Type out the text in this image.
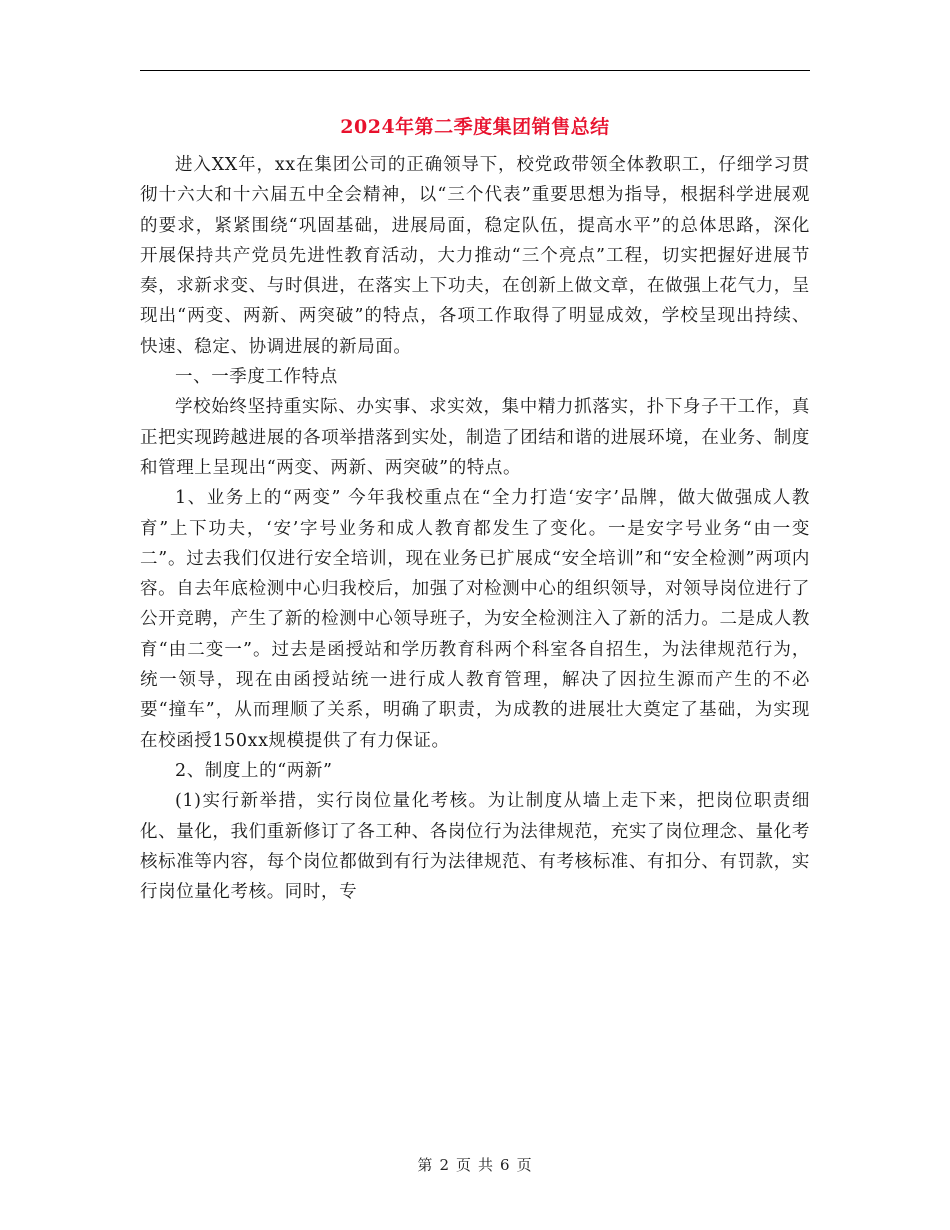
2024年第二季度集团销售总结

进入XX年，xx在集团公司的正确领导下，校党政带领全体教职工，仔细学习贯彻十六大和十六届五中全会精神，以“三个代表”重要思想为指导，根据科学进展观的要求，紧紧围绕“巩固基础，进展局面，稳定队伍，提高水平”的总体思路，深化开展保持共产党员先进性教育活动，大力推动“三个亮点”工程，切实把握好进展节奏，求新求变、与时俱进，在落实上下功夫，在创新上做文章，在做强上花气力，呈现出“两变、两新、两突破”的特点，各项工作取得了明显成效，学校呈现出持续、快速、稳定、协调进展的新局面。

一、一季度工作特点

学校始终坚持重实际、办实事、求实效，集中精力抓落实，扑下身子干工作，真正把实现跨越进展的各项举措落到实处，制造了团结和谐的进展环境，在业务、制度和管理上呈现出“两变、两新、两突破”的特点。

1、业务上的“两变” 今年我校重点在“全力打造‘安字’品牌，做大做强成人教育”上下功夫，‘安’字号业务和成人教育都发生了变化。一是安字号业务“由一变二”。过去我们仅进行安全培训，现在业务已扩展成“安全培训”和“安全检测”两项内容。自去年底检测中心归我校后，加强了对检测中心的组织领导，对领导岗位进行了公开竞聘，产生了新的检测中心领导班子，为安全检测注入了新的活力。二是成人教育“由二变一”。过去是函授站和学历教育科两个科室各自招生，为法律规范行为，统一领导，现在由函授站统一进行成人教育管理，解决了因拉生源而产生的不必要“撞车”，从而理顺了关系，明确了职责，为成教的进展壮大奠定了基础，为实现在校函授150xx规模提供了有力保证。

2、制度上的“两新”

(1)实行新举措，实行岗位量化考核。为让制度从墙上走下来，把岗位职责细化、量化，我们重新修订了各工种、各岗位行为法律规范，充实了岗位理念、量化考核标准等内容，每个岗位都做到有行为法律规范、有考核标准、有扣分、有罚款，实行岗位量化考核。同时，专

第 2 页 共 6 页
